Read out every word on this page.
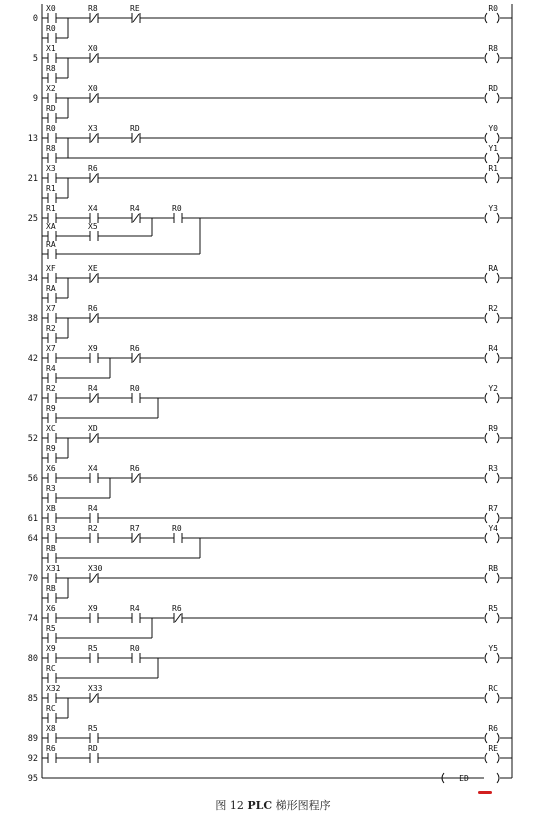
0
X0	R8	RE	R0
R0
5
X1	X0	R8
R8
9
X2	X0	RD
RD
13
R0	X3	RD	Y0
R8	Y1
21
X3	R6	R1
R1
25
R1	X4	R4	R0	Y3
XA	X5
RA
34
XF	XE	RA
RA
38
X7	R6	R2
R2
42
X7	X9	R6	R4
R4
47
R2	R4	R0	Y2
R9
52
XC	XD	R9
R9
56
X6	X4	R6	R3
R3
61
XB	R4	R7
64
R3	R2	R7	R0	Y4
RB
70
X31	X30	RB
RB
74
X6	X9	R4	R6	R5
R5
80
X9	R5	R0	Y5
RC
85
X32	X33	RC
RC
89
X8	R5	R6
92
R6	RD	RE
95	ED
图 12 PLC 梯形图程序
